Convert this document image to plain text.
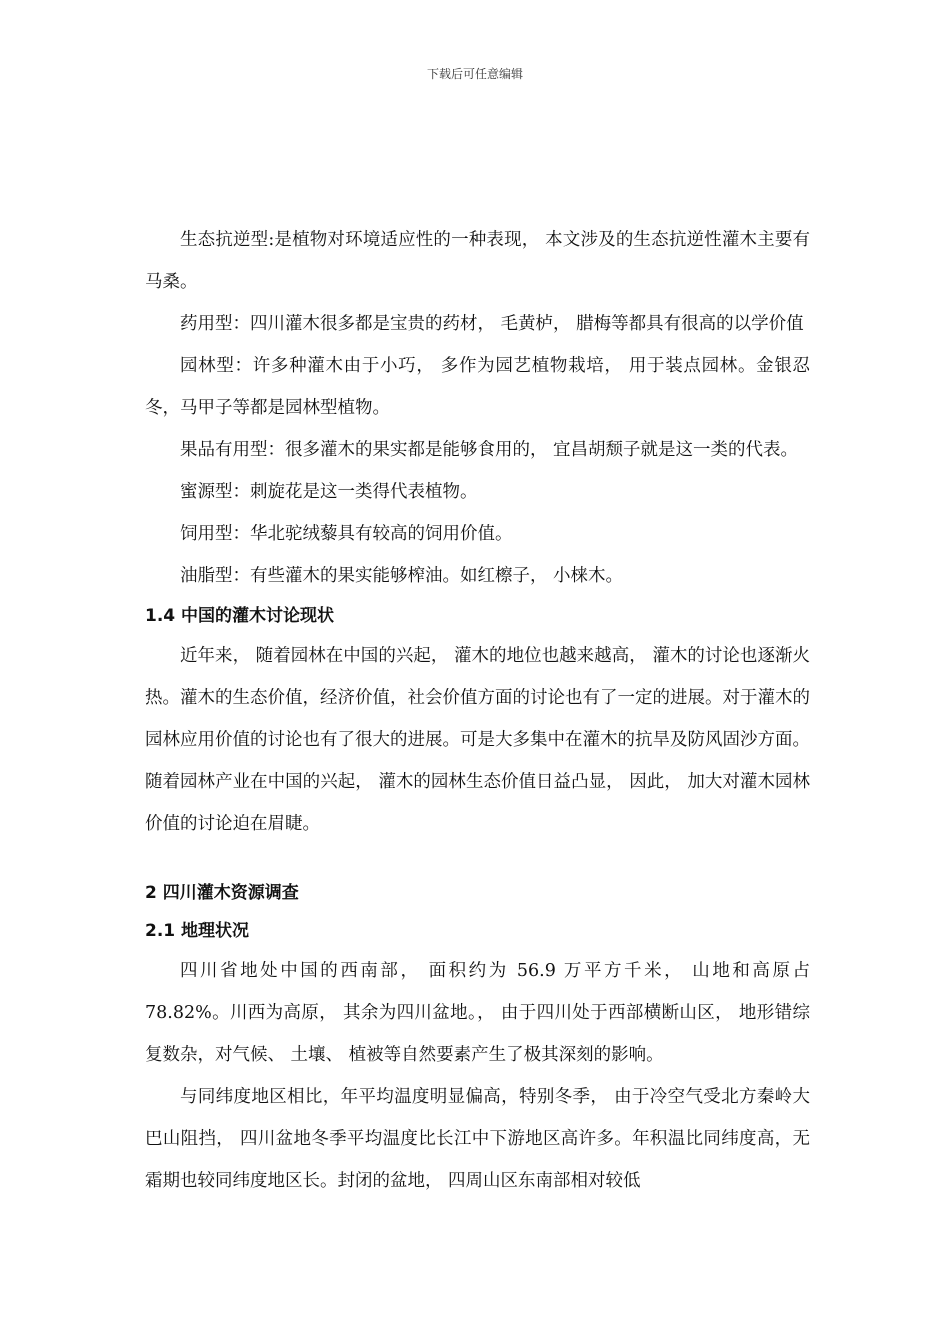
下载后可任意编辑

生态抗逆型:是植物对环境适应性的一种表现， 本文涉及的生态抗逆性灌木主要有马桑。

药用型：四川灌木很多都是宝贵的药材， 毛黄栌， 腊梅等都具有很高的以学价值

园林型：许多种灌木由于小巧， 多作为园艺植物栽培， 用于装点园林。金银忍冬，马甲子等都是园林型植物。

果品有用型：很多灌木的果实都是能够食用的， 宜昌胡颓子就是这一类的代表。

蜜源型：刺旋花是这一类得代表植物。

饲用型：华北驼绒藜具有较高的饲用价值。

油脂型：有些灌木的果实能够榨油。如红檫子， 小梾木。

1.4 中国的灌木讨论现状

近年来， 随着园林在中国的兴起， 灌木的地位也越来越高， 灌木的讨论也逐渐火热。灌木的生态价值，经济价值，社会价值方面的讨论也有了一定的进展。对于灌木的园林应用价值的讨论也有了很大的进展。可是大多集中在灌木的抗旱及防风固沙方面。随着园林产业在中国的兴起， 灌木的园林生态价值日益凸显， 因此， 加大对灌木园林价值的讨论迫在眉睫。

2 四川灌木资源调查
2.1 地理状况

四川省地处中国的西南部， 面积约为 56.9 万平方千米， 山地和高原占 78.82%。川西为高原， 其余为四川盆地。， 由于四川处于西部横断山区， 地形错综复数杂，对气候、 土壤、 植被等自然要素产生了极其深刻的影响。

与同纬度地区相比，年平均温度明显偏高，特别冬季， 由于冷空气受北方秦岭大巴山阻挡， 四川盆地冬季平均温度比长江中下游地区高许多。年积温比同纬度高，无霜期也较同纬度地区长。封闭的盆地， 四周山区东南部相对较低
